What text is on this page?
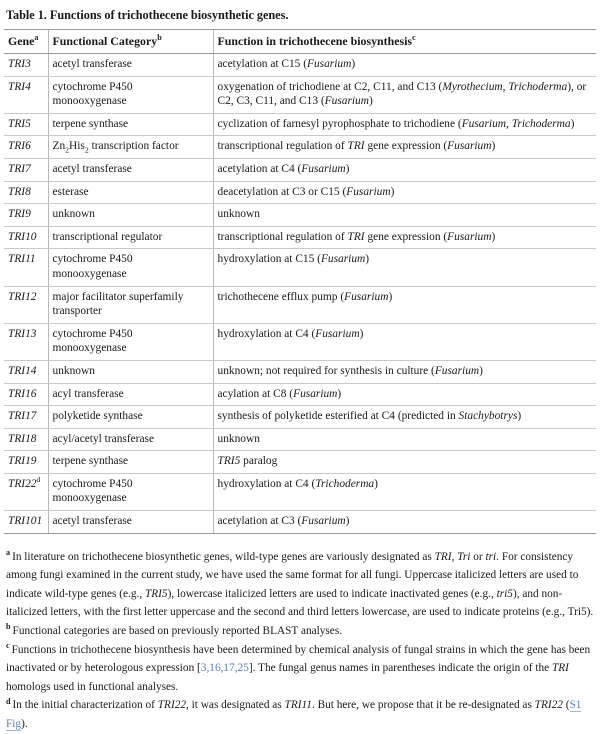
Table 1. Functions of trichothecene biosynthetic genes.
Gene$^a$	Functional Category$^b$	Function in trichothecene biosynthesis$^c$
TRI3	acetyl transferase	acetylation at C15 (Fusarium)
TRI4	cytochrome P450 monooxygenase	oxygenation of trichodiene at C2, C11, and C13 (Myrothecium, Trichoderma), or C2, C3, C11, and C13 (Fusarium)
TRI5	terpene synthase	cyclization of farnesyl pyrophosphate to trichodiene (Fusarium, Trichoderma)
TRI6	$Zn_2His_2$ transcription factor	transcriptional regulation of TRI gene expression (Fusarium)
TRI7	acetyl transferase	acetylation at C4 (Fusarium)
TRI8	esterase	deacetylation at C3 or C15 (Fusarium)
TRI9	unknown	unknown
TRI10	transcriptional regulator	transcriptional regulation of TRI gene expression (Fusarium)
TRI11	cytochrome P450 monooxygenase	hydroxylation at C15 (Fusarium)
TRI12	major facilitator superfamily transporter	trichothecene efflux pump (Fusarium)
TRI13	cytochrome P450 monooxygenase	hydroxylation at C4 (Fusarium)
TRI14	unknown	unknown; not required for synthesis in culture (Fusarium)
TRI16	acyl transferase	acylation at C8 (Fusarium)
TRI17	polyketide synthase	synthesis of polyketide esterified at C4 (predicted in Stachybotrys)
TRI18	acyl/acetyl transferase	unknown
TRI19	terpene synthase	TRI5 paralog
TRI22$^d$	cytochrome P450 monooxygenase	hydroxylation at C4 (Trichoderma)
TRI101	acetyl transferase	acetylation at C3 (Fusarium)
$^a$ In literature on trichothecene biosynthetic genes, wild-type genes are variously designated as TRI, Tri or tri. For consistency among fungi examined in the current study, we have used the same format for all fungi. Uppercase italicized letters are used to indicate wild-type genes (e.g., TRI5), lowercase italicized letters are used to indicate inactivated genes (e.g., tri5), and non-italicized letters, with the first letter uppercase and the second and third letters lowercase, are used to indicate proteins (e.g., Tri5).
$^b$ Functional categories are based on previously reported BLAST analyses.
$^c$ Functions in trichothecene biosynthesis have been determined by chemical analysis of fungal strains in which the gene has been inactivated or by heterologous expression [3,16,17,25]. The fungal genus names in parentheses indicate the origin of the TRI homologs used in functional analyses.
$^d$ In the initial characterization of TRI22, it was designated as TRI11. But here, we propose that it be re-designated as TRI22 (S1 Fig).
